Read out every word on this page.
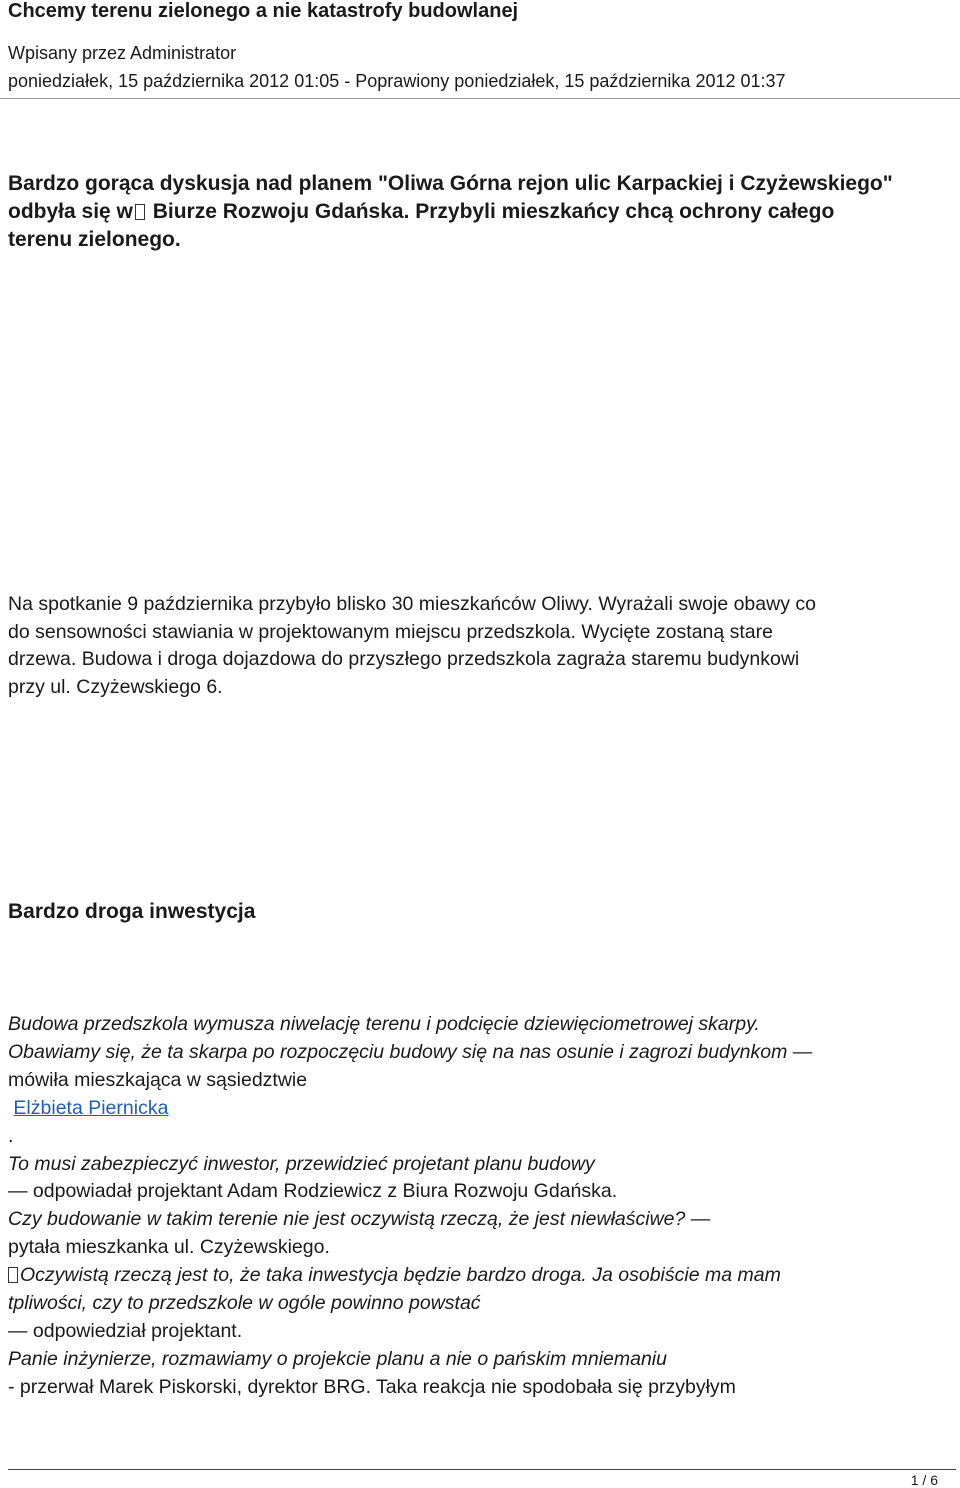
Chcemy terenu zielonego a nie katastrofy budowlanej
Wpisany przez Administrator
poniedziałek, 15 października 2012 01:05 - Poprawiony poniedziałek, 15 października 2012 01:37
Bardzo gorąca dyskusja nad planem "Oliwa Górna rejon ulic Karpackiej i Czyżewskiego"
odbyła się w Biurze Rozwoju Gdańska. Przybyli mieszkańcy chcą ochrony całego
terenu zielonego.
Na spotkanie 9 października przybyło blisko 30 mieszkańców Oliwy. Wyrażali swoje obawy co
do sensowności stawiania w projektowanym miejscu przedszkola. Wycięte zostaną stare
drzewa. Budowa i droga dojazdowa do przyszłego przedszkola zagraża staremu budynkowi
przy ul. Czyżewskiego 6.
Bardzo droga inwestycja
Budowa przedszkola wymusza niwelację terenu i podcięcie dziewięciometrowej skarpy.
Obawiamy się, że ta skarpa po rozpoczęciu budowy się na nas osunie i zagrozi budynkom —
mówiła mieszkająca w sąsiedztwie
Elżbieta Piernicka
.
To musi zabezpieczyć inwestor, przewidzieć projetant planu budowy
— odpowiadał projektant Adam Rodziewicz z Biura Rozwoju Gdańska.
Czy budowanie w takim terenie nie jest oczywistą rzeczą, że jest niewłaściwe? —
pytała mieszkanka ul. Czyżewskiego.
Oczywistą rzeczą jest to, że taka inwestycja będzie bardzo droga. Ja osobiście ma mam
tpliwości, czy to przedszkole w ogóle powinno powstać
— odpowiedział projektant.
Panie inżynierze, rozmawiamy o projekcie planu a nie o pańskim mniemaniu
- przerwał Marek Piskorski, dyrektor BRG. Taka reakcja nie spodobała się przybyłym
1 / 6
